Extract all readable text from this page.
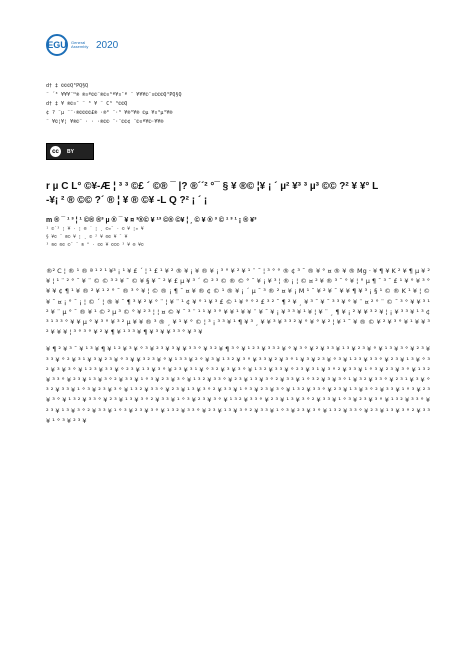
EGU General Assembly 2020
d† ‡ ©©©Q³PQ§Q
¨ ´³ ¥¥¥¨™® ®¤ª©©¨®©¤³ª¥¤¯ª ¨ ¥¥¥©¯¤©©©Q³PQ§Q
d† ‡ ¥ ®©¤¯ ¨ ³ ¥ ¨ C³ ³©©Q
¢ ? ¨µ ¨¨·®©©©©£® ·®° ¨·³ ¥®³¥® ©µ ¥¤³µ³¥®
¨ ¥©¦¥¦ ¥®©¨ · · ·®©© ¨·¨©©¢ ¨©¤ª¥©·¥¥®
cc BY
r µ C L° ©¥-Æ ¦ ³ ³ ©£ ´ ©® ¯ |? ®´´² °¯ § ¥ ®© ¦¥ ¡ ´ µ² ¥³ ³ µ³ ©© ?² ¥ ¥° L
-¥¡ ² ® ©© ?´ ® ¦ ¥ ® ©¥ -L Q ?² ¡ ´ ¡
m ® ¯ ¹ ³ ¦ ¹ ©® ®³ µ ® ¯ ¥ ¤ ³®© ¥ ¹³ ©® ©¥ ¦ ¸ © ¥ ® ³ © ¹ ³ ¹ ¡ ® ¥³
¹ ©´³ ¦ ¥ · ¦ ® ´ ¦ ¸ ©¤¨ · © ¥ ¦¤ ¥
§ ¥© ¨ ®© ¥ ¦ ¸ © ² ¥ ®© ¥ ¯ ¥
³ ®© ®© ©¯ ¯ ® ° · ©© ¥ ©©© ³ ¥ ® ¥©
®² C ¦ ® ¹ ® ª ¹ ² ¹ ¥³ ¡ ¹ ¥ £ ´ ¦ ¹ £ ¹ ¥ ² ® ¥ ¡ ¥ ® ¥ ¡ ³ ° ¥ ² ¥ ¹ ¨ ¯ ¦ ³ ° ° ® ¢ ³ ¯ ® ¥ ° ¤ ® ¥ ® Mg · ¥ ¶ ¥ K ² ¥ ¶ µ ¥ ² ¥ ¦ ¹ ¨ ² ° ¯ ¥ ¨ © © ³ ² ¥ ¯ © ¥ § ¥ ¯ ² ¥ £ µ ¥ ³ ´ © ² ³ © ® © ° ¯ ¥ ¡ ¥ ³ ¦ ® ¡ ¦ © ¤ ² ¥ ® ³ ¯ ° ¥ ¦ ° µ ¶ ¯ ³ ¯ £ ¹ ¥ ° ¥ ³ ° ¥ ¥ ¢ ¶ ¹ ¥ ® ² ¥ ¹ ² ° ¯ ® ³ ° ¥ ¦ © ® ¡ ¶ ¯ ¤ ¥ ® ¢ © ¹ ® ¥ ¡ ´ µ ¯ ³ ® ² ¤ ¥ ¡ M ¹ ¯ ¥ ² ¥ ¯ ¥ ¥ ¶ ¥ ³ ¡ § ¹ © ® K ¹ ¥ ¦ © ¥ ¯ ¤ ¡ ° ¯ ¡ ¦ © ´ ¦ ® ¥ ¯ ¶ ³ ¥ ² ¥ ° ¨ ¦ ¥ ¨ ¹ ¢ ¥ ° ¹ ¥ ³ £ © ¹ ¥ ° ° ² £ ³ ² ¯ ¶ ² ¥ ¸ ¥ ³ ¯ ¥ ¯ ³ ³ ¥ ° ¥ ¨ ¤ ² ° ¨ © ¯ ³ ° ¥ ¥ ³ ¹ ² ¥ ¨ µ ° ¯ ® ¥ ¹ © ² µ ³ © ° ¥ ² ³ ¦ ¦ ¤ © ¥ ¯ ³ ¨ ¹ ¹ ¥ ³ ° ¥ ¥ ¹ ¥ ¥ ¨ ¥ ¯ ¥ ¡ ¥ ³ ³ ¥ ¹ ¥ ¦ ¥ ¨ ¸ ¶ ¥ ¡ ² ¥ ¥ ³ ² ¥ ¦ ¡ ¥ ³ ³ ¥ ¹ ³ ¢ ³ ¹ ³ ³ ° ¥ ¥ µ ° ¥ ³ ° ¥ ³ ² µ ¥ ¥ ® ³ ® ¸ ¥ ¹ ¥ ° © ¦ ³ ¡ ³ ³ ¥ ¹ ¶ ¥ ³ ¸ ¥ ¥ ³ ¥ ³ ³ ² ¥ ° ¥ ° ¥ ² ¦ ¥ ¹ ¯ ¥ ® © ¥ ² ¥ ³ ° ¥ ¹ ¥ ¥ ³ ² ¥ ¥ ¥ ¦ ³ ° ³ ° ¥ ² ¥ ¶ ¥ ¹ ³ ³ ¥ ¶ ¥ ³ ¥ ¥ ³ ³ ° ¥ ³ ¥
¥ ¶ ² ¥ ³ ¯ ¥ ¹ ³ ¥ ¶ ¥ ¹ ² ¥ ³ ¥ ° ³ ¥ ² ³ ¥ ³ ¥ ¥ ³ ³ ° ¥ ³ ² ¥ ¶ ³ ° ¥ ¹ ² ³ ¥ ³ ³ ² ¥ ° ¥ ³ ° ¥ ² ¥ ³ ³ ¥ ¹ ³ ¥ ² ³ ¥ ° ¥ ¹ ³ ¥ ³ ° ¥ ² ³ ¥ ³ ³ ¥ ° ² ¥ ³ ¹ ¥ ³ ¥ ² ³ ¥ ° ³ ¥ ¥ ³ ² ³ ¥ ° ¥ ¹ ³ ³ ¥ ² ° ¥ ³ ¥ ¹ ³ ² ¥ ³ ° ¥ ³ ³ ¥ ² ¥ ³ ° ¹ ¥ ³ ¥ ² ³ ¥ ° ³ ¥ ¹ ² ³ ¥ ³ ³ ° ¥ ² ³ ¥ ¹ ³ ¥ ° ³ ² ¥ ³ ¥ ³ ° ¥ ¹ ² ³ ¥ ³ ³ ¥ ° ² ³ ¥ ¹ ³ ¥ ³ ° ¥ ² ³ ¥ ³ ¹ ¥ ° ³ ² ¥ ³ ¥ ³ ° ¥ ¹ ³ ² ¥ ³ ³ ¥ ° ² ³ ¥ ³ ¹ ¥ ³ ° ² ¥ ³ ³ ¥ ¹ ° ³ ¥ ² ³ ¥ ³ ° ¥ ¹ ³ ² ¥ ³ ³ ° ¥ ² ³ ¥ ¹ ³ ¥ ³ ° ² ¥ ³ ³ ¥ ¹ ° ³ ¥ ² ³ ¥ ³ ° ¥ ¹ ³ ² ¥ ³ ³ ° ¥ ² ³ ¥ ¹ ³ ¥ ³ ° ² ¥ ³ ³ ¥ ¹ ° ³ ² ¥ ³ ¥ ³ ° ¹ ¥ ³ ² ¥ ³ ³ ° ¥ ² ³ ¹ ¥ ³ ¥ ° ³ ² ¥ ³ ³ ¥ ¹ ° ³ ¥ ² ³ ¥ ³ ° ¥ ¹ ³ ² ¥ ³ ³ ° ¥ ² ³ ¥ ¹ ³ ¥ ³ ° ² ¥ ³ ³ ¥ ¹ ° ³ ¥ ² ³ ¥ ³ ° ¥ ¹ ³ ² ¥ ³ ³ ° ¥ ² ³ ¥ ¹ ³ ¥ ³ ° ² ¥ ³ ³ ¥ ¹ ° ³ ¥ ² ³ ¥ ³ ° ¥ ¹ ³ ² ¥ ³ ³ ° ¥ ² ³ ¥ ¹ ³ ¥ ³ ° ² ¥ ³ ³ ¥ ¹ ° ³ ¥ ² ³ ¥ ³ ° ¥ ¹ ³ ² ¥ ³ ³ ° ¥ ² ³ ¥ ¹ ³ ¥ ³ ° ² ¥ ³ ³ ¥ ¹ ° ³ ¥ ² ³ ¥ ³ ° ¥ ¹ ³ ² ¥ ³ ³ ° ¥ ² ³ ¥ ¹ ³ ¥ ³ ° ² ¥ ³ ³ ¥ ¹ ° ³ ¥ ² ³ ¥ ³ ° ¥ ¹ ³ ² ¥ ³ ³ ° ¥ ² ³ ¥ ¹ ³ ¥ ³ ° ² ¥ ³ ³ ¥ ¹ ° ³ ¥ ² ³ ¥ ³ ° ¥ ¹ ³ ² ¥ ³ ³ ° ¥ ² ³ ¥ ¹ ³ ¥ ³ ° ² ¥ ³ ³ ¥ ¹ ° ³ ¥ ² ³ ¥
